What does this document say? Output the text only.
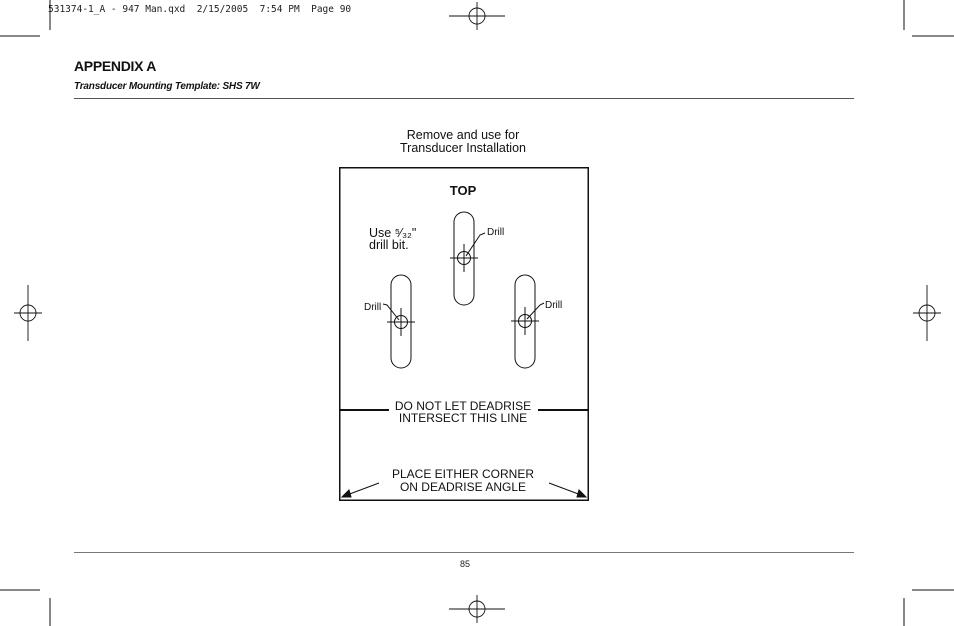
531374-1_A - 947 Man.qxd  2/15/2005  7:54 PM  Page 90
APPENDIX A
Transducer Mounting Template: SHS 7W
Remove and use for
Transducer Installation
TOP
Use ⁵⁄₃₂"
drill bit.
Drill
Drill	Drill
DO NOT LET DEADRISE
INTERSECT THIS LINE
PLACE EITHER CORNER
ON DEADRISE ANGLE
85
